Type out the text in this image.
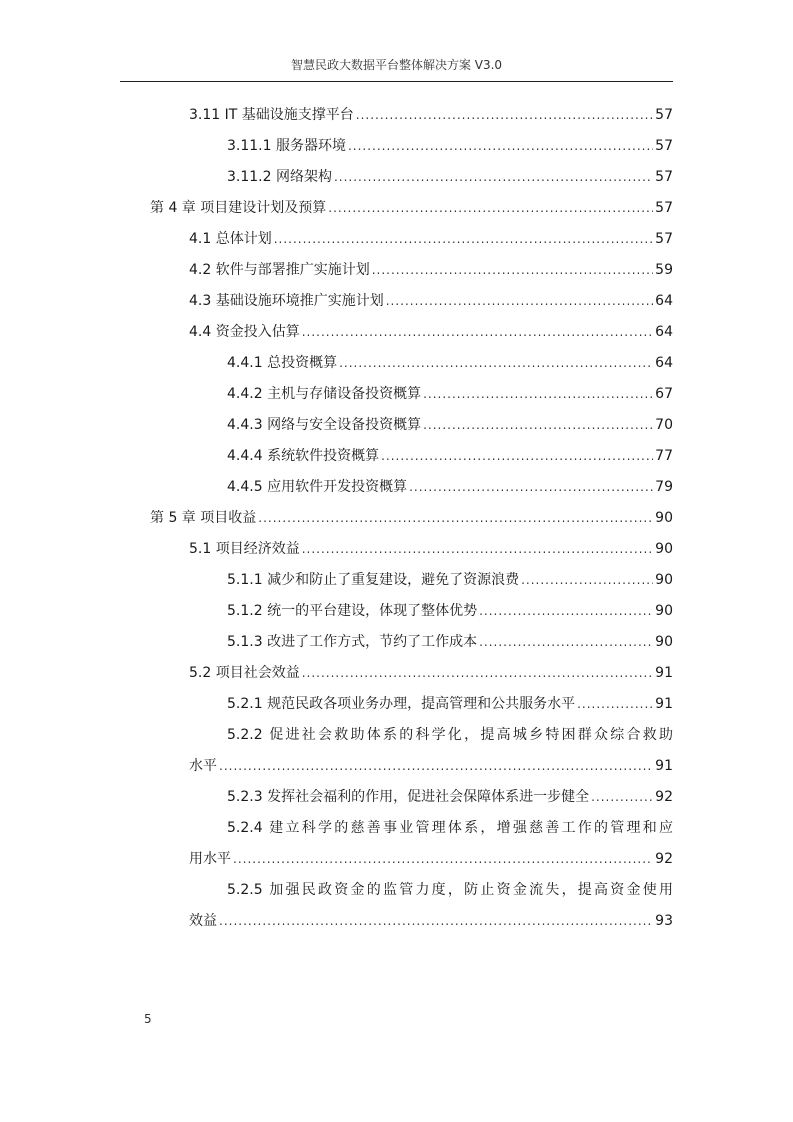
智慧民政大数据平台整体解决方案 V3.0
3.11 IT 基础设施支撑平台 .....	57
3.11.1 服务器环境 .....	57
3.11.2 网络架构 .....	57
第 4 章 项目建设计划及预算 .....	57
4.1 总体计划 .....	57
4.2 软件与部署推广实施计划 .....	59
4.3 基础设施环境推广实施计划 .....	64
4.4 资金投入估算 .....	64
4.4.1 总投资概算 .....	64
4.4.2 主机与存储设备投资概算 .....	67
4.4.3 网络与安全设备投资概算 .....	70
4.4.4 系统软件投资概算 .....	77
4.4.5 应用软件开发投资概算 .....	79
第 5 章 项目收益 .....	90
5.1 项目经济效益 .....	90
5.1.1 减少和防止了重复建设，避免了资源浪费 .....	90
5.1.2 统一的平台建设，体现了整体优势 .....	90
5.1.3 改进了工作方式，节约了工作成本 .....	90
5.2 项目社会效益 .....	91
5.2.1 规范民政各项业务办理，提高管理和公共服务水平 .....	91
5.2.2 促进社会救助体系的科学化，提高城乡特困群众综合救助
水平 .....	91
5.2.3 发挥社会福利的作用，促进社会保障体系进一步健全 .....	92
5.2.4 建立科学的慈善事业管理体系，增强慈善工作的管理和应
用水平 .....	92
5.2.5 加强民政资金的监管力度，防止资金流失，提高资金使用
效益 .....	93
5
